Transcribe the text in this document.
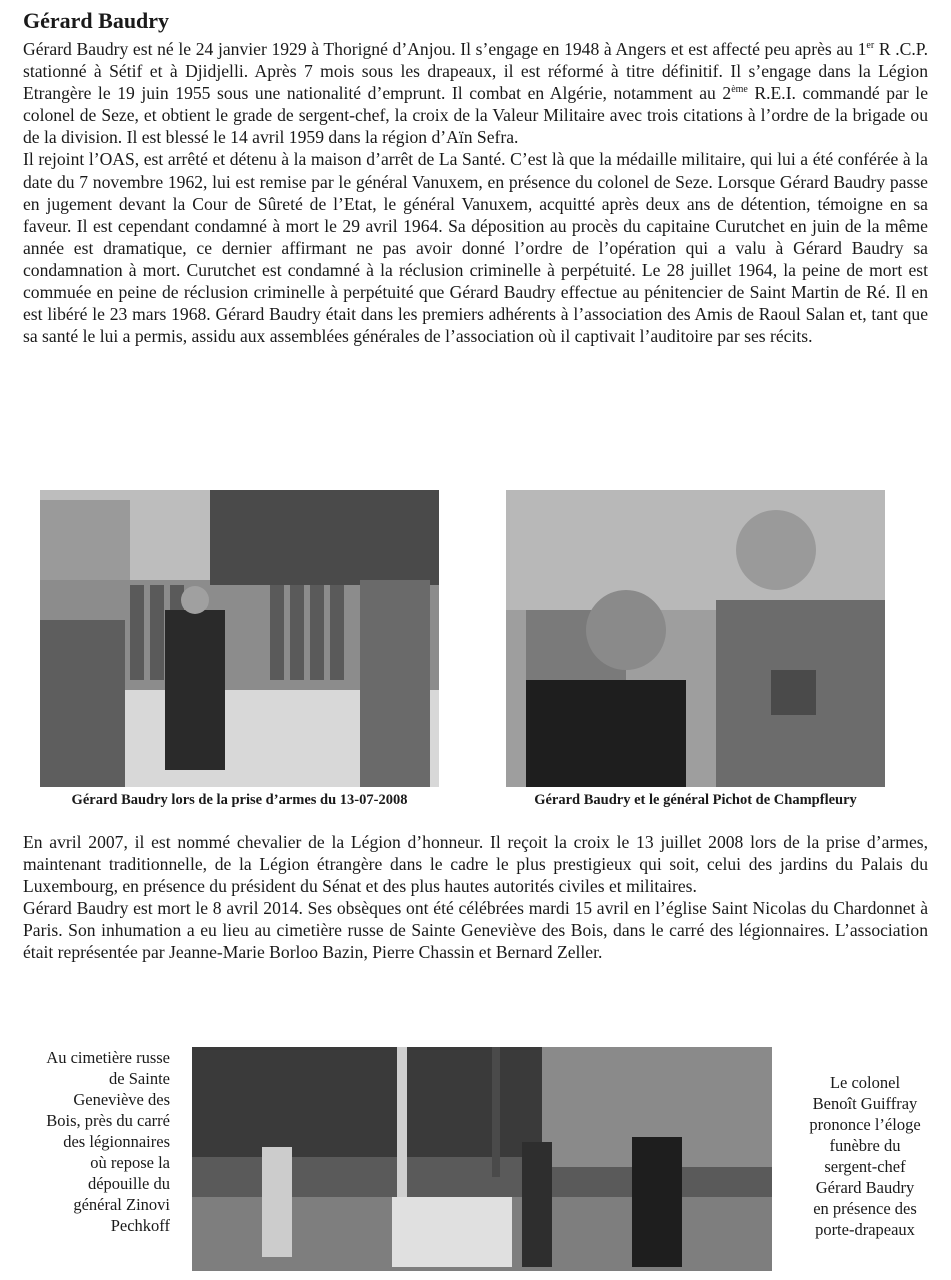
Gérard Baudry

Gérard Baudry est né le 24 janvier 1929 à Thorigné d’Anjou. Il s’engage en 1948 à Angers et est affecté peu après au 1er R .C.P. stationné à Sétif et à Djidjelli. Après 7 mois sous les drapeaux, il est réformé à titre définitif. Il s’engage dans la Légion Etrangère le 19 juin 1955 sous une nationalité d’emprunt. Il combat en Algérie, notamment au 2ème R.E.I. commandé par le colonel de Seze, et obtient le grade de sergent-chef, la croix de la Valeur Militaire avec trois citations à l’ordre de la brigade ou de la division. Il est blessé le 14 avril 1959 dans la région d’Aïn Sefra.

Il rejoint l’OAS, est arrêté et détenu à la maison d’arrêt de La Santé. C’est là que la médaille militaire, qui lui a été conférée à la date du 7 novembre 1962, lui est remise par le général Vanuxem, en présence du colonel de Seze. Lorsque Gérard Baudry passe en jugement devant la Cour de Sûreté de l’Etat, le général Vanuxem, acquitté après deux ans de détention, témoigne en sa faveur. Il est cependant condamné à mort le 29 avril 1964. Sa déposition au procès du capitaine Curutchet en juin de la même année est dramatique, ce dernier affirmant ne pas avoir donné l’ordre de l’opération qui a valu à Gérard Baudry sa condamnation à mort. Curutchet est condamné à la réclusion criminelle à perpétuité. Le 28 juillet 1964, la peine de mort est commuée en peine de réclusion criminelle à perpétuité que Gérard Baudry effectue au pénitencier de Saint Martin de Ré. Il en est libéré le 23 mars 1968. Gérard Baudry était dans les premiers adhérents à l’association des Amis de Raoul Salan et, tant que sa santé le lui a permis, assidu aux assemblées générales de l’association où il captivait l’auditoire par ses récits.

Gérard Baudry lors de la prise d’armes du 13-07-2008	Gérard Baudry et le général Pichot de Champfleury

En avril 2007, il est nommé chevalier de la Légion d’honneur. Il reçoit la croix le 13 juillet 2008 lors de la prise d’armes, maintenant traditionnelle, de la Légion étrangère dans le cadre le plus prestigieux qui soit, celui des jardins du Palais du Luxembourg, en présence du président du Sénat et des plus hautes autorités civiles et militaires.

Gérard Baudry est mort le 8 avril 2014. Ses obsèques ont été célébrées mardi 15 avril en l’église Saint Nicolas du Chardonnet à Paris. Son inhumation a eu lieu au cimetière russe de Sainte Geneviève des Bois, dans le carré des légionnaires. L’association était représentée par Jeanne-Marie Borloo Bazin, Pierre Chassin et Bernard Zeller.

Au cimetière russe
de Sainte
Geneviève des
Bois, près du carré
des légionnaires
où repose la
dépouille du
général Zinovi
Pechkoff
Le colonel
Benoît Guiffray
prononce l’éloge
funèbre du
sergent-chef
Gérard Baudry
en présence des
porte-drapeaux
